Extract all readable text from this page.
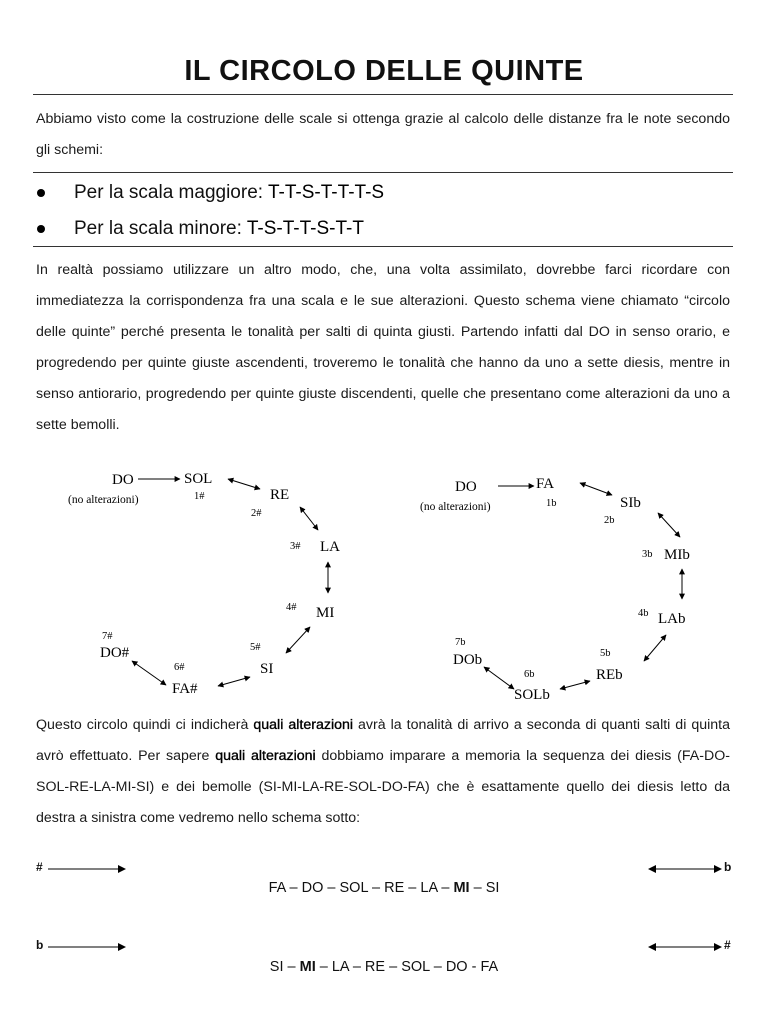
IL CIRCOLO DELLE QUINTE
Abbiamo visto come la costruzione delle scale si ottenga grazie al calcolo delle distanze fra le note secondo gli schemi:
Per la scala maggiore: T-T-S-T-T-T-S
Per la scala minore: T-S-T-T-S-T-T
In realtà possiamo utilizzare un altro modo, che, una volta assimilato, dovrebbe farci ricordare con immediatezza la corrispondenza fra una scala e le sue alterazioni. Questo schema viene chiamato “circolo delle quinte” perché presenta le tonalità per salti di quinta giusti. Partendo infatti dal DO in senso orario, e progredendo per quinte giuste ascendenti, troveremo le tonalità che hanno da uno a sette diesis, mentre in senso antiorario, progredendo per quinte giuste discendenti, quelle che presentano come alterazioni da uno a sette bemolli.
DO
(no alterazioni)
SOL
1#	RE
2#
LA
3#
MI
4#
SI
5#
FA#
6#
DO#
7#
DO
(no alterazioni)
FA
1b	SIb
2b
MIb
3b
LAb
4b
REb
5b
SOLb
6b
DOb
7b
Questo circolo quindi ci indicherà quali alterazioni avrà la tonalità di arrivo a seconda di quanti salti di quinta avrò effettuato. Per sapere quali alterazioni dobbiamo imparare a memoria la sequenza dei diesis (FA-DO-SOL-RE-LA-MI-SI) e dei bemolle (SI-MI-LA-RE-SOL-DO-FA) che è esattamente quello dei diesis letto da destra a sinistra come vedremo nello schema sotto:
#	b
FA – DO – SOL – RE – LA – MI – SI
b	#
SI – MI – LA – RE – SOL – DO - FA
